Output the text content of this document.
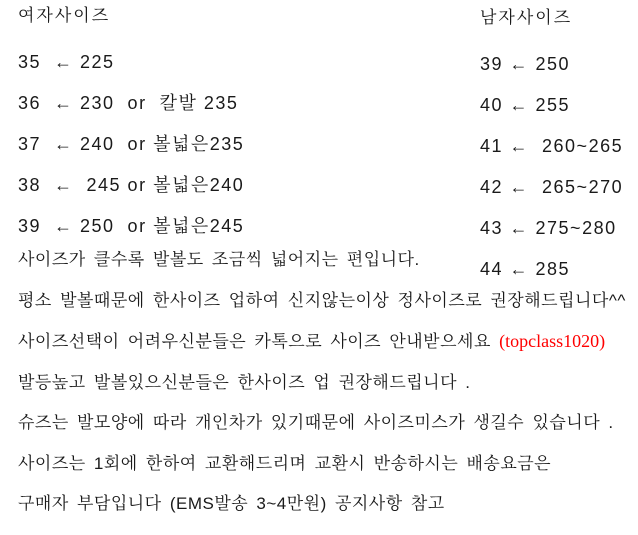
여자사이즈

35  ← 225

36  ← 230  or  칼발 235

37  ← 240  or 볼넓은235

38  ←  245 or 볼넓은240

39  ← 250  or 볼넓은245

남자사이즈

39 ← 250

40 ← 255

41 ←  260~265

42 ←  265~270

43 ← 275~280

44 ← 285

사이즈가 클수록 발볼도 조금씩 넓어지는 편입니다.

평소 발볼때문에 한사이즈 업하여 신지않는이상 정사이즈로 권장해드립니다^^

사이즈선택이 어려우신분들은 카톡으로 사이즈 안내받으세요 (topclass1020)

발등높고 발볼있으신분들은 한사이즈 업 권장해드립니다 .

슈즈는 발모양에 따라 개인차가 있기때문에 사이즈미스가 생길수 있습니다 .

사이즈는 1회에 한하여 교환해드리며 교환시 반송하시는 배송요금은

구매자 부담입니다 (EMS발송 3~4만원) 공지사항 참고
